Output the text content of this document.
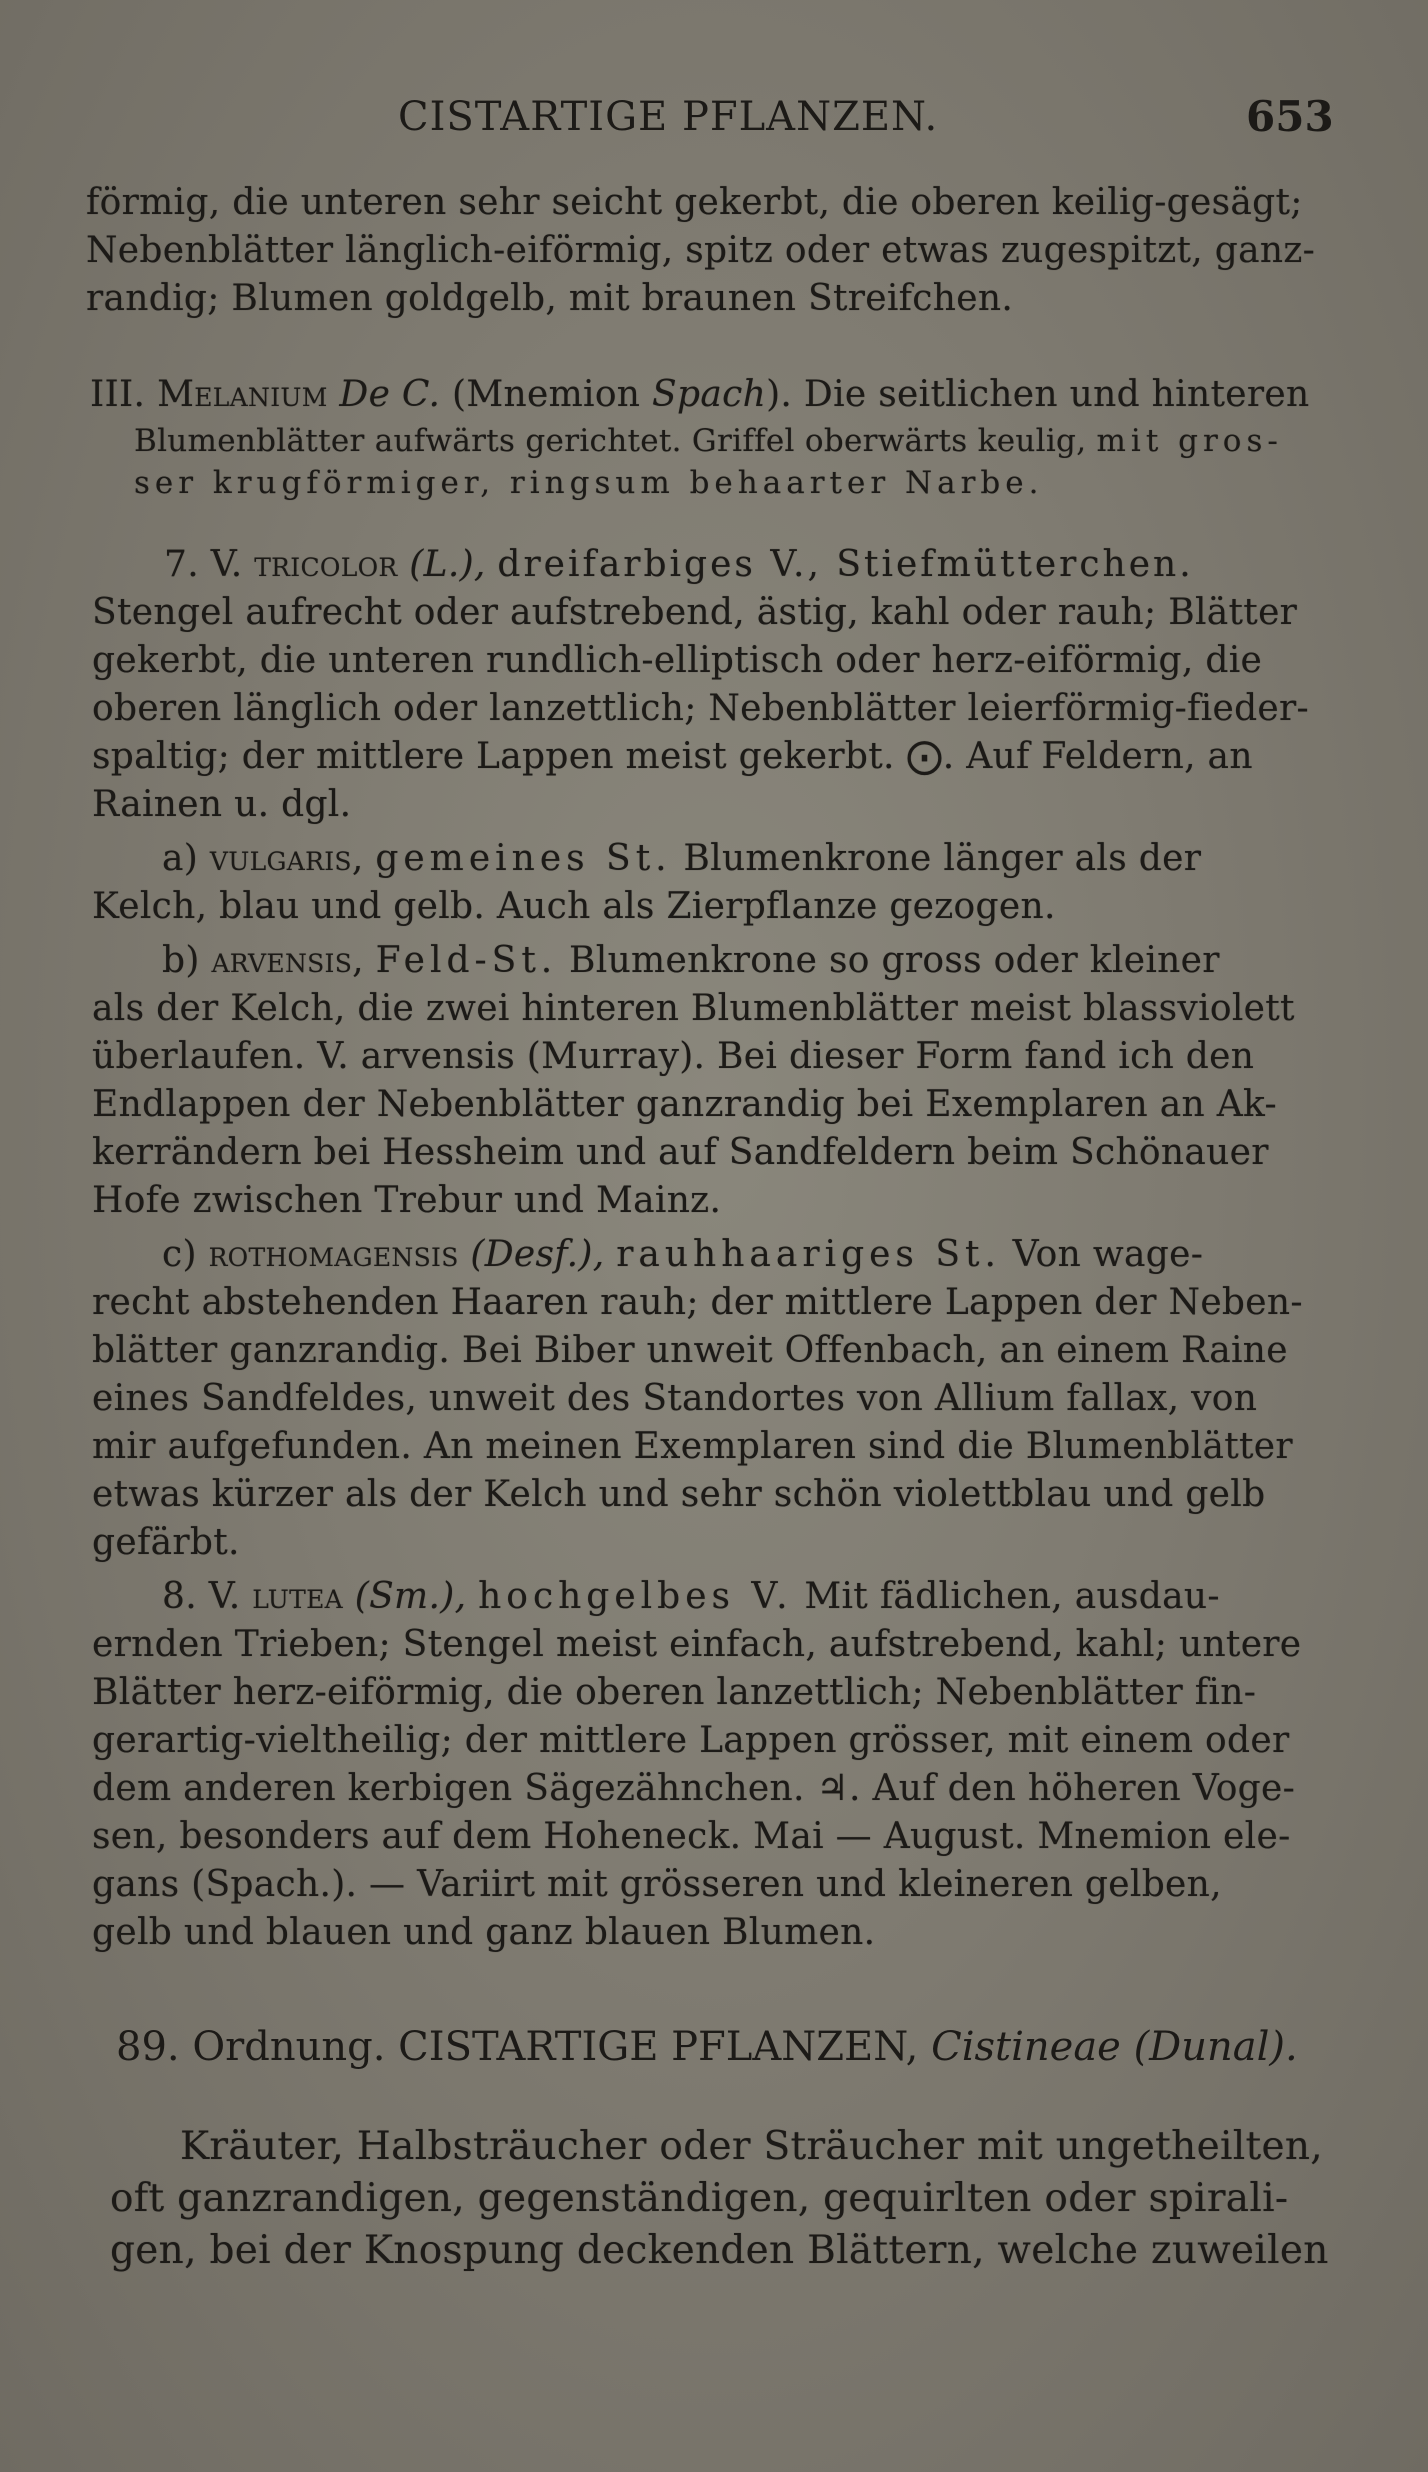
CISTARTIGE PFLANZEN.	653
förmig, die unteren sehr seicht gekerbt, die oberen keilig-gesägt;
Nebenblätter länglich-eiförmig, spitz oder etwas zugespitzt, ganz-
randig; Blumen goldgelb, mit braunen Streifchen.
III. Melanium De C. (Mnemion Spach). Die seitlichen und hinteren
Blumenblätter aufwärts gerichtet. Griffel oberwärts keulig, mit gros-
ser krugförmiger, ringsum behaarter Narbe.
7. V. tricolor (L.), dreifarbiges V., Stiefmütterchen.
Stengel aufrecht oder aufstrebend, ästig, kahl oder rauh; Blätter
gekerbt, die unteren rundlich-elliptisch oder herz-eiförmig, die
oberen länglich oder lanzettlich; Nebenblätter leierförmig-fieder-
spaltig; der mittlere Lappen meist gekerbt. ⨀. Auf Feldern, an
Rainen u. dgl.
a) vulgaris, gemeines St. Blumenkrone länger als der
Kelch, blau und gelb. Auch als Zierpflanze gezogen.
b) arvensis, Feld-St. Blumenkrone so gross oder kleiner
als der Kelch, die zwei hinteren Blumenblätter meist blassviolett
überlaufen. V. arvensis (Murray). Bei dieser Form fand ich den
Endlappen der Nebenblätter ganzrandig bei Exemplaren an Ak-
kerrändern bei Hessheim und auf Sandfeldern beim Schönauer
Hofe zwischen Trebur und Mainz.
c) rothomagensis (Desf.), rauhhaariges St. Von wage-
recht abstehenden Haaren rauh; der mittlere Lappen der Neben-
blätter ganzrandig. Bei Biber unweit Offenbach, an einem Raine
eines Sandfeldes, unweit des Standortes von Allium fallax, von
mir aufgefunden. An meinen Exemplaren sind die Blumenblätter
etwas kürzer als der Kelch und sehr schön violettblau und gelb
gefärbt.
8. V. lutea (Sm.), hochgelbes V. Mit fädlichen, ausdau-
ernden Trieben; Stengel meist einfach, aufstrebend, kahl; untere
Blätter herz-eiförmig, die oberen lanzettlich; Nebenblätter fin-
gerartig-vieltheilig; der mittlere Lappen grösser, mit einem oder
dem anderen kerbigen Sägezähnchen. ♃. Auf den höheren Voge-
sen, besonders auf dem Hoheneck. Mai — August. Mnemion ele-
gans (Spach.). — Variirt mit grösseren und kleineren gelben,
gelb und blauen und ganz blauen Blumen.
89. Ordnung. CISTARTIGE PFLANZEN, Cistineae (Dunal).
Kräuter, Halbsträucher oder Sträucher mit ungetheilten,
oft ganzrandigen, gegenständigen, gequirlten oder spirali-
gen, bei der Knospung deckenden Blättern, welche zuweilen
